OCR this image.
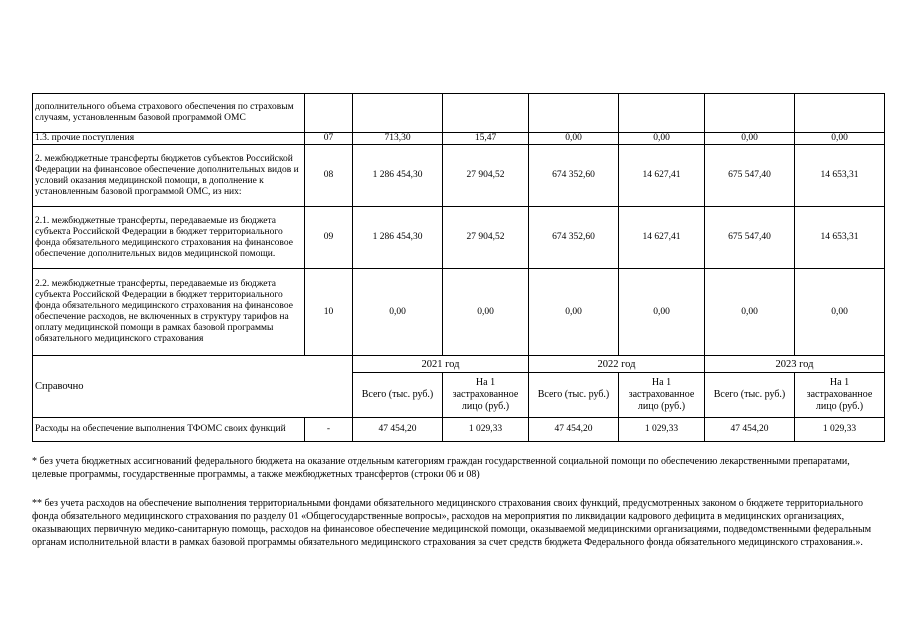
дополнительного объема страхового обеспечения по страховым случаям, установленным базовой программой ОМС							
1.3. прочие поступления	07	713,30	15,47	0,00	0,00	0,00	0,00
2. межбюджетные трансферты бюджетов субъектов Российской Федерации на финансовое обеспечение дополнительных видов и условий оказания медицинской помощи, в дополнение к установленным базовой программой ОМС, из них:	08	1 286 454,30	27 904,52	674 352,60	14 627,41	675 547,40	14 653,31
2.1. межбюджетные трансферты, передаваемые из бюджета субъекта Российской Федерации в бюджет территориального фонда обязательного медицинского страхования на финансовое обеспечение дополнительных видов медицинской помощи.	09	1 286 454,30	27 904,52	674 352,60	14 627,41	675 547,40	14 653,31
2.2. межбюджетные трансферты, передаваемые из бюджета субъекта Российской Федерации в бюджет территориального фонда обязательного медицинского страхования на финансовое обеспечение расходов, не включенных в структуру тарифов на оплату медицинской помощи в рамках базовой программы обязательного медицинского страхования	10	0,00	0,00	0,00	0,00	0,00	0,00
Справочно		2021 год		2022 год		2023 год	
		Всего (тыс. руб.)	На 1 застрахованное лицо (руб.)	Всего (тыс. руб.)	На 1 застрахованное лицо (руб.)	Всего (тыс. руб.)	На 1 застрахованное лицо (руб.)
Расходы на обеспечение выполнения ТФОМС своих функций	-	47 454,20	1 029,33	47 454,20	1 029,33	47 454,20	1 029,33

* без учета бюджетных ассигнований федерального бюджета на оказание отдельным категориям граждан государственной социальной помощи по обеспечению лекарственными препаратами, целевые программы, государственные программы, а также межбюджетных трансфертов (строки 06 и 08)

** без учета расходов на обеспечение выполнения территориальными фондами обязательного медицинского страхования своих функций, предусмотренных законом о бюджете территориального фонда обязательного медицинского страхования по разделу 01 «Общегосударственные вопросы», расходов на мероприятия по ликвидации кадрового дефицита в медицинских организациях, оказывающих первичную медико-санитарную помощь, расходов на финансовое обеспечение медицинской помощи, оказываемой медицинскими организациями, подведомственными федеральным органам исполнительной власти в рамках базовой программы обязательного медицинского страхования за счет средств бюджета Федерального фонда обязательного медицинского страхования.».
